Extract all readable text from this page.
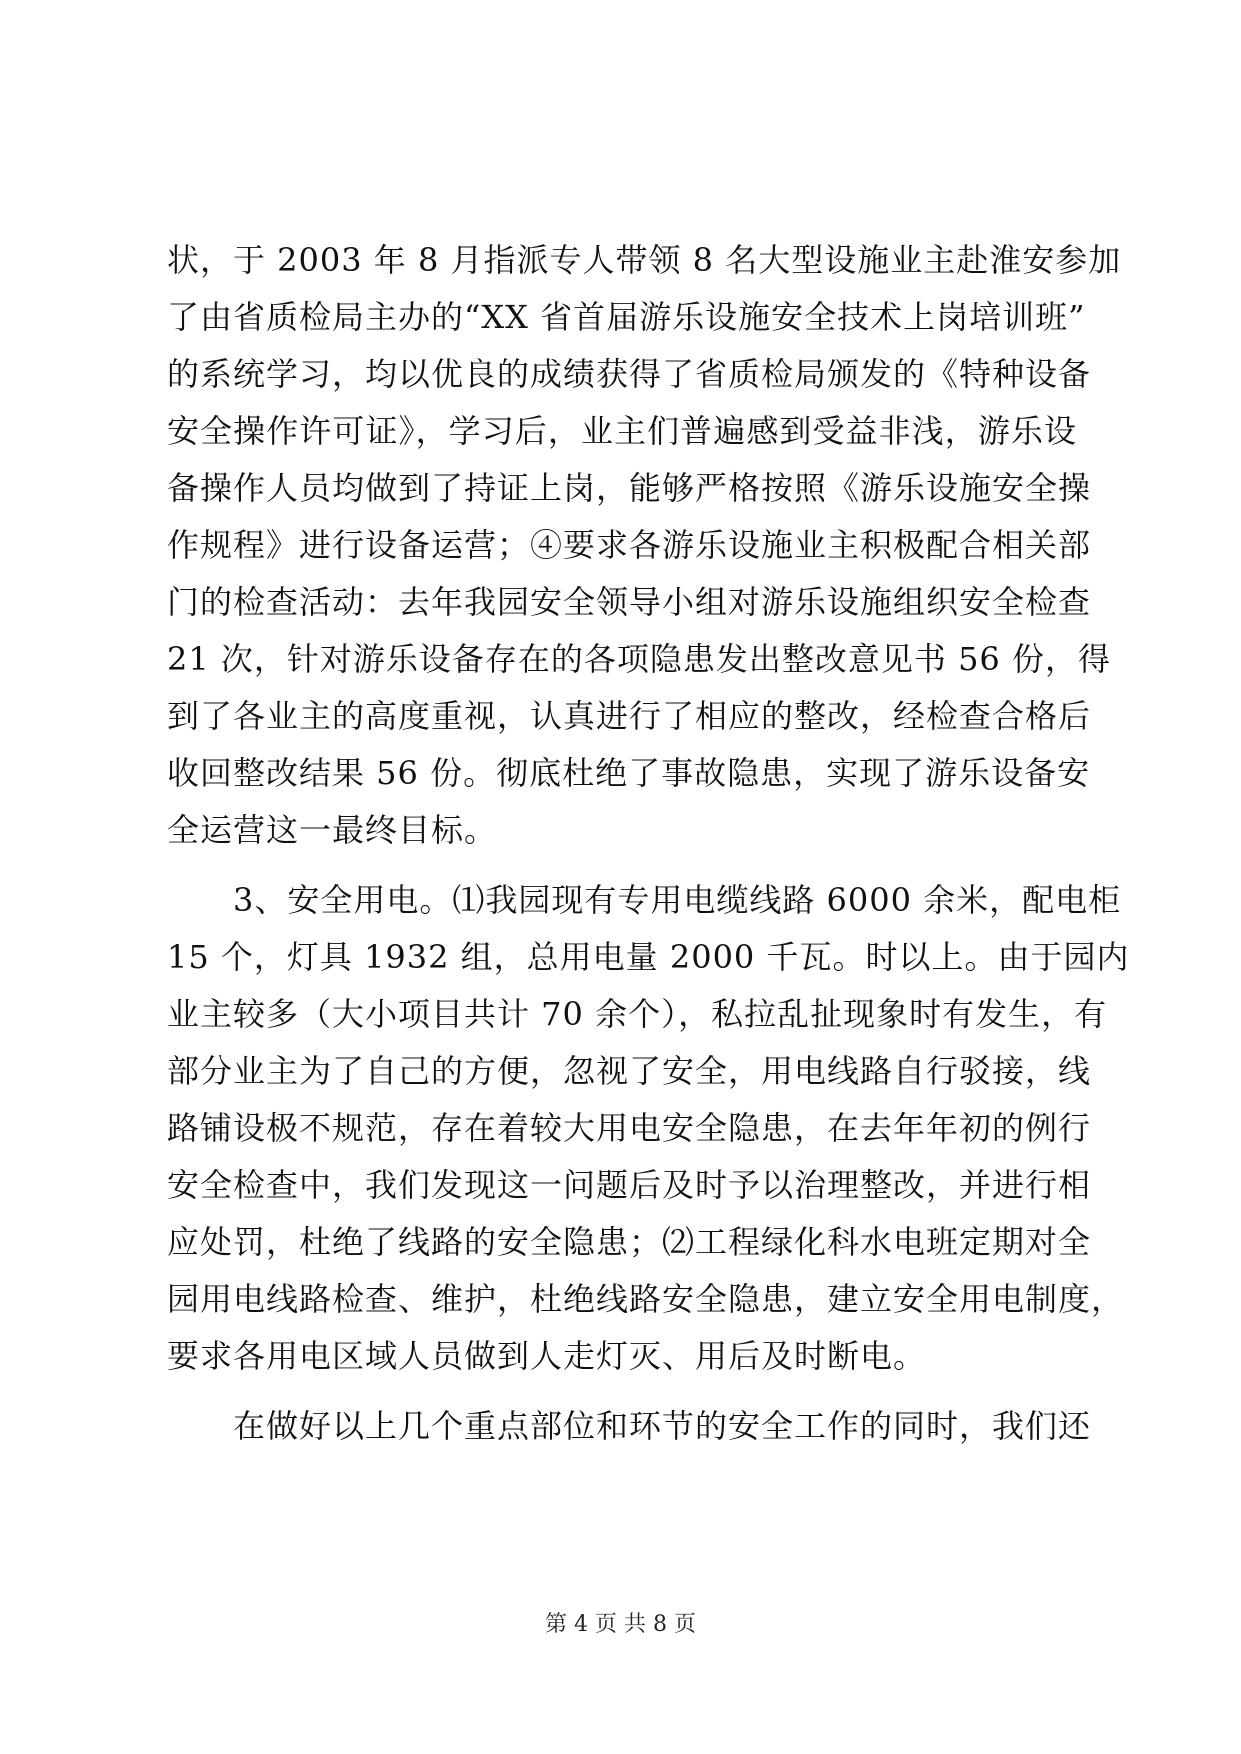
状，于 2003 年 8 月指派专人带领 8 名大型设施业主赴淮安参加
了由省质检局主办的“XX 省首届游乐设施安全技术上岗培训班”
的系统学习，均以优良的成绩获得了省质检局颁发的《特种设备
安全操作许可证》，学习后，业主们普遍感到受益非浅，游乐设
备操作人员均做到了持证上岗，能够严格按照《游乐设施安全操
作规程》进行设备运营；④要求各游乐设施业主积极配合相关部
门的检查活动：去年我园安全领导小组对游乐设施组织安全检查
21 次，针对游乐设备存在的各项隐患发出整改意见书 56 份，得
到了各业主的高度重视，认真进行了相应的整改，经检查合格后
收回整改结果 56 份。彻底杜绝了事故隐患，实现了游乐设备安
全运营这一最终目标。
　　3、安全用电。⑴我园现有专用电缆线路 6000 余米，配电柜
15 个，灯具 1932 组，总用电量 2000 千瓦。时以上。由于园内
业主较多（大小项目共计 70 余个），私拉乱扯现象时有发生，有
部分业主为了自己的方便，忽视了安全，用电线路自行驳接，线
路铺设极不规范，存在着较大用电安全隐患，在去年年初的例行
安全检查中，我们发现这一问题后及时予以治理整改，并进行相
应处罚，杜绝了线路的安全隐患；⑵工程绿化科水电班定期对全
园用电线路检查、维护，杜绝线路安全隐患，建立安全用电制度，
要求各用电区域人员做到人走灯灭、用后及时断电。
　　在做好以上几个重点部位和环节的安全工作的同时，我们还
第 4 页 共 8 页
